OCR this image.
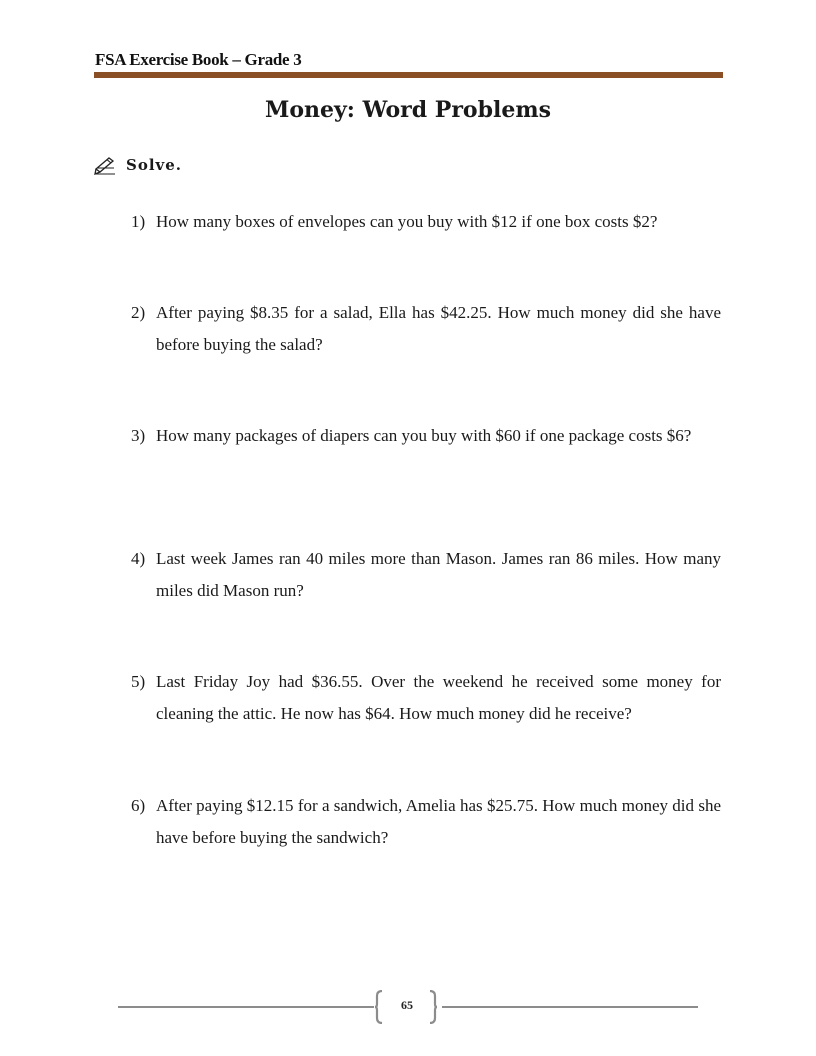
FSA Exercise Book – Grade 3
Money: Word Problems
Solve.
1) How many boxes of envelopes can you buy with $12 if one box costs $2?
2) After paying $8.35 for a salad, Ella has $42.25. How much money did she have before buying the salad?
3) How many packages of diapers can you buy with $60 if one package costs $6?
4) Last week James ran 40 miles more than Mason. James ran 86 miles. How many miles did Mason run?
5) Last Friday Joy had $36.55. Over the weekend he received some money for cleaning the attic. He now has $64. How much money did he receive?
6) After paying $12.15 for a sandwich, Amelia has $25.75. How much money did she have before buying the sandwich?
65
